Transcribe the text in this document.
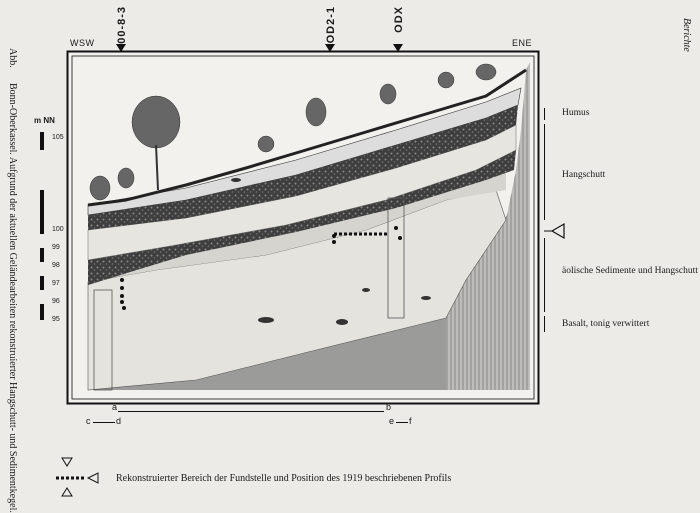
Abb.  Bonn-Oberkassel. Aufgrund der aktuellen Geländearbeiten rekonstruierter Hangschutt- und Sedimentkegel.
Berichte
WSW	ENE
00-8-3	OD2-1	ODX
m NN
105
100
99
98
97
96
95
Humus
Hangschutt
äolische Sedimente und Hangschutt
Basalt, tonig verwittert
a	b
c	d	e f
Rekonstruierter Bereich der Fundstelle und Position des 1919 beschriebenen Profils
